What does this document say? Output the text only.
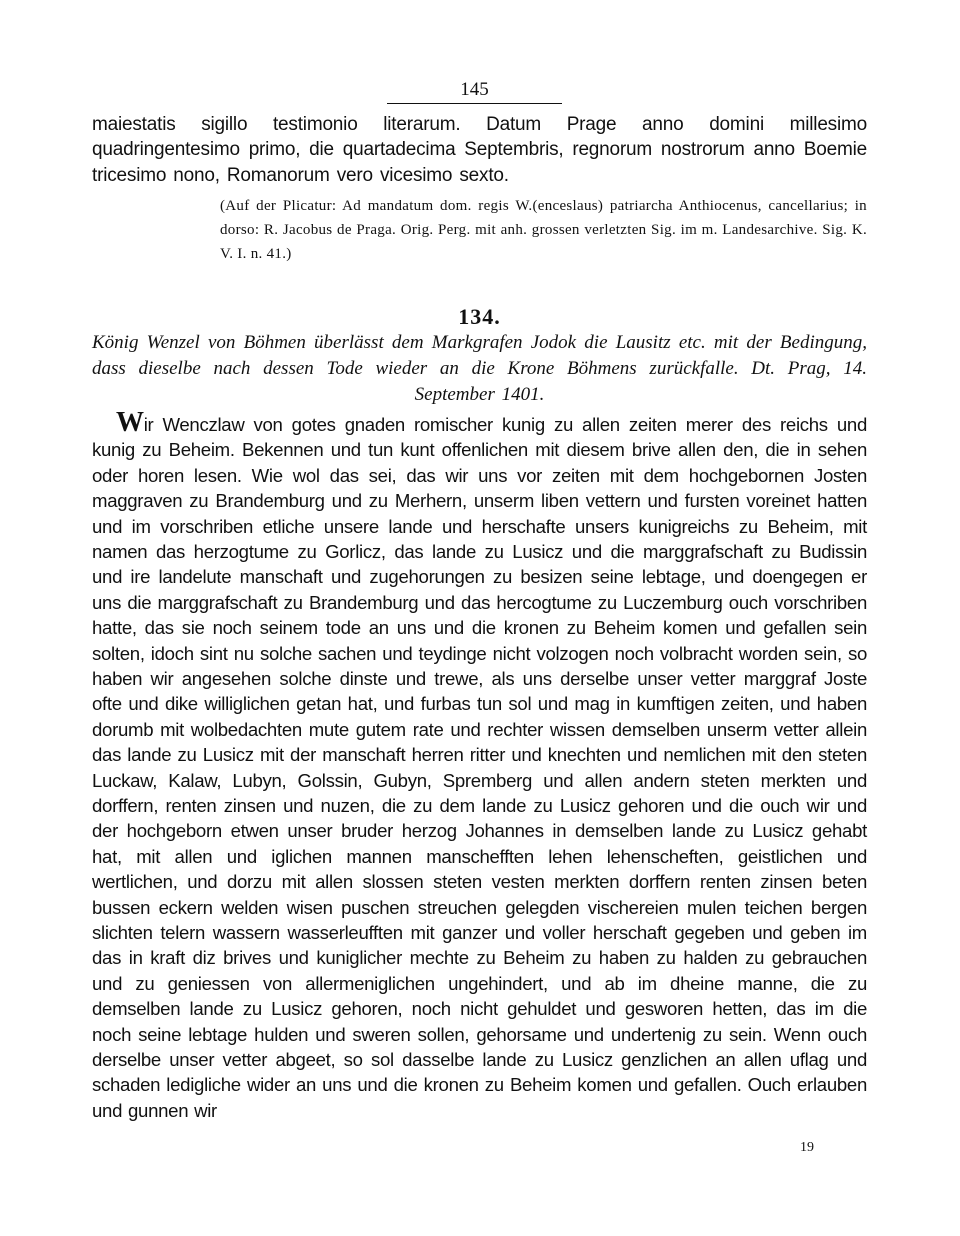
145
maiestatis sigillo testimonio literarum. Datum Prage anno domini millesimo quadringentesimo primo, die quartadecima Septembris, regnorum nostrorum anno Boemie tricesimo nono, Romanorum vero vicesimo sexto.
(Auf der Plicatur: Ad mandatum dom. regis W.(enceslaus) patriarcha Anthiocenus, cancellarius; in dorso: R. Jacobus de Praga. Orig. Perg. mit anh. grossen verletzten Sig. im m. Landesarchive. Sig. K. V. I. n. 41.)
134.
König Wenzel von Böhmen überlässt dem Markgrafen Jodok die Lausitz etc. mit der Bedingung, dass dieselbe nach dessen Tode wieder an die Krone Böhmens zurückfalle. Dt. Prag, 14. September 1401.
Wir Wenczlaw von gotes gnaden romischer kunig zu allen zeiten merer des reichs und kunig zu Beheim. Bekennen und tun kunt offenlichen mit diesem brive allen den, die in sehen oder horen lesen. Wie wol das sei, das wir uns vor zeiten mit dem hochgebornen Josten maggraven zu Brandemburg und zu Merhern, unserm liben vettern und fursten voreinet hatten und im vorschriben etliche unsere lande und herschafte unsers kunigreichs zu Beheim, mit namen das herzogtume zu Gorlicz, das lande zu Lusicz und die marggrafschaft zu Budissin und ire landelute manschaft und zugehorungen zu besizen seine lebtage, und doengegen er uns die marggrafschaft zu Brandemburg und das hercogtume zu Luczemburg ouch vorschriben hatte, das sie noch seinem tode an uns und die kronen zu Beheim komen und gefallen sein solten, idoch sint nu solche sachen und teydinge nicht volzogen noch volbracht worden sein, so haben wir angesehen solche dinste und trewe, als uns derselbe unser vetter marggraf Joste ofte und dike williglichen getan hat, und furbas tun sol und mag in kumftigen zeiten, und haben dorumb mit wolbedachten mute gutem rate und rechter wissen demselben unserm vetter allein das lande zu Lusicz mit der manschaft herren ritter und knechten und nemlichen mit den steten Luckaw, Kalaw, Lubyn, Golssin, Gubyn, Spremberg und allen andern steten merkten und dorffern, renten zinsen und nuzen, die zu dem lande zu Lusicz gehoren und die ouch wir und der hochgeborn etwen unser bruder herzog Johannes in demselben lande zu Lusicz gehabt hat, mit allen und iglichen mannen manschefften lehen lehenscheften, geistlichen und wertlichen, und dorzu mit allen slossen steten vesten merkten dorffern renten zinsen beten bussen eckern welden wisen puschen streuchen gelegden vischereien mulen teichen bergen slichten telern wassern wasserleufften mit ganzer und voller herschaft gegeben und geben im das in kraft diz brives und kuniglicher mechte zu Beheim zu haben zu halden zu gebrauchen und zu geniessen von allermeniglichen ungehindert, und ab im dheine manne, die zu demselben lande zu Lusicz gehoren, noch nicht gehuldet und gesworen hetten, das im die noch seine lebtage hulden und sweren sollen, gehorsame und undertenig zu sein. Wenn ouch derselbe unser vetter abgeet, so sol dasselbe lande zu Lusicz genzlichen an allen uflag und schaden ledigliche wider an uns und die kronen zu Beheim komen und gefallen. Ouch erlauben und gunnen wir
19
